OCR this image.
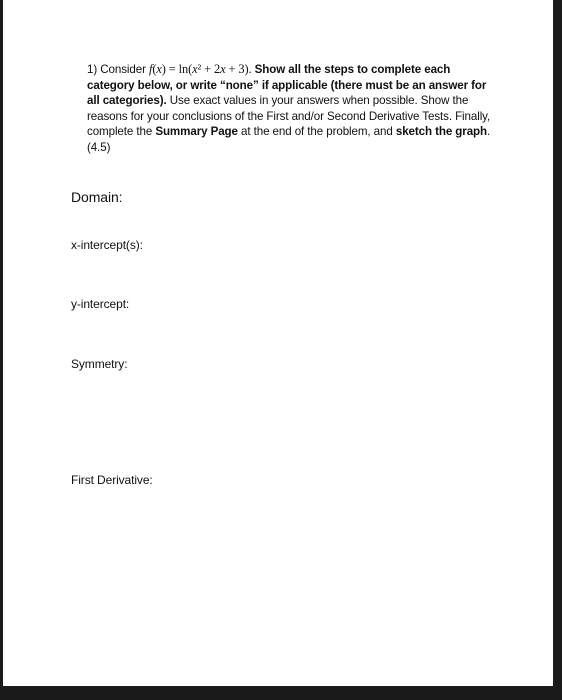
1) Consider f(x) = ln(x² + 2x + 3). Show all the steps to complete each category below, or write “none” if applicable (there must be an answer for all categories). Use exact values in your answers when possible. Show the reasons for your conclusions of the First and/or Second Derivative Tests. Finally, complete the Summary Page at the end of the problem, and sketch the graph. (4.5)
Domain:
x-intercept(s):
y-intercept:
Symmetry:
First Derivative:
